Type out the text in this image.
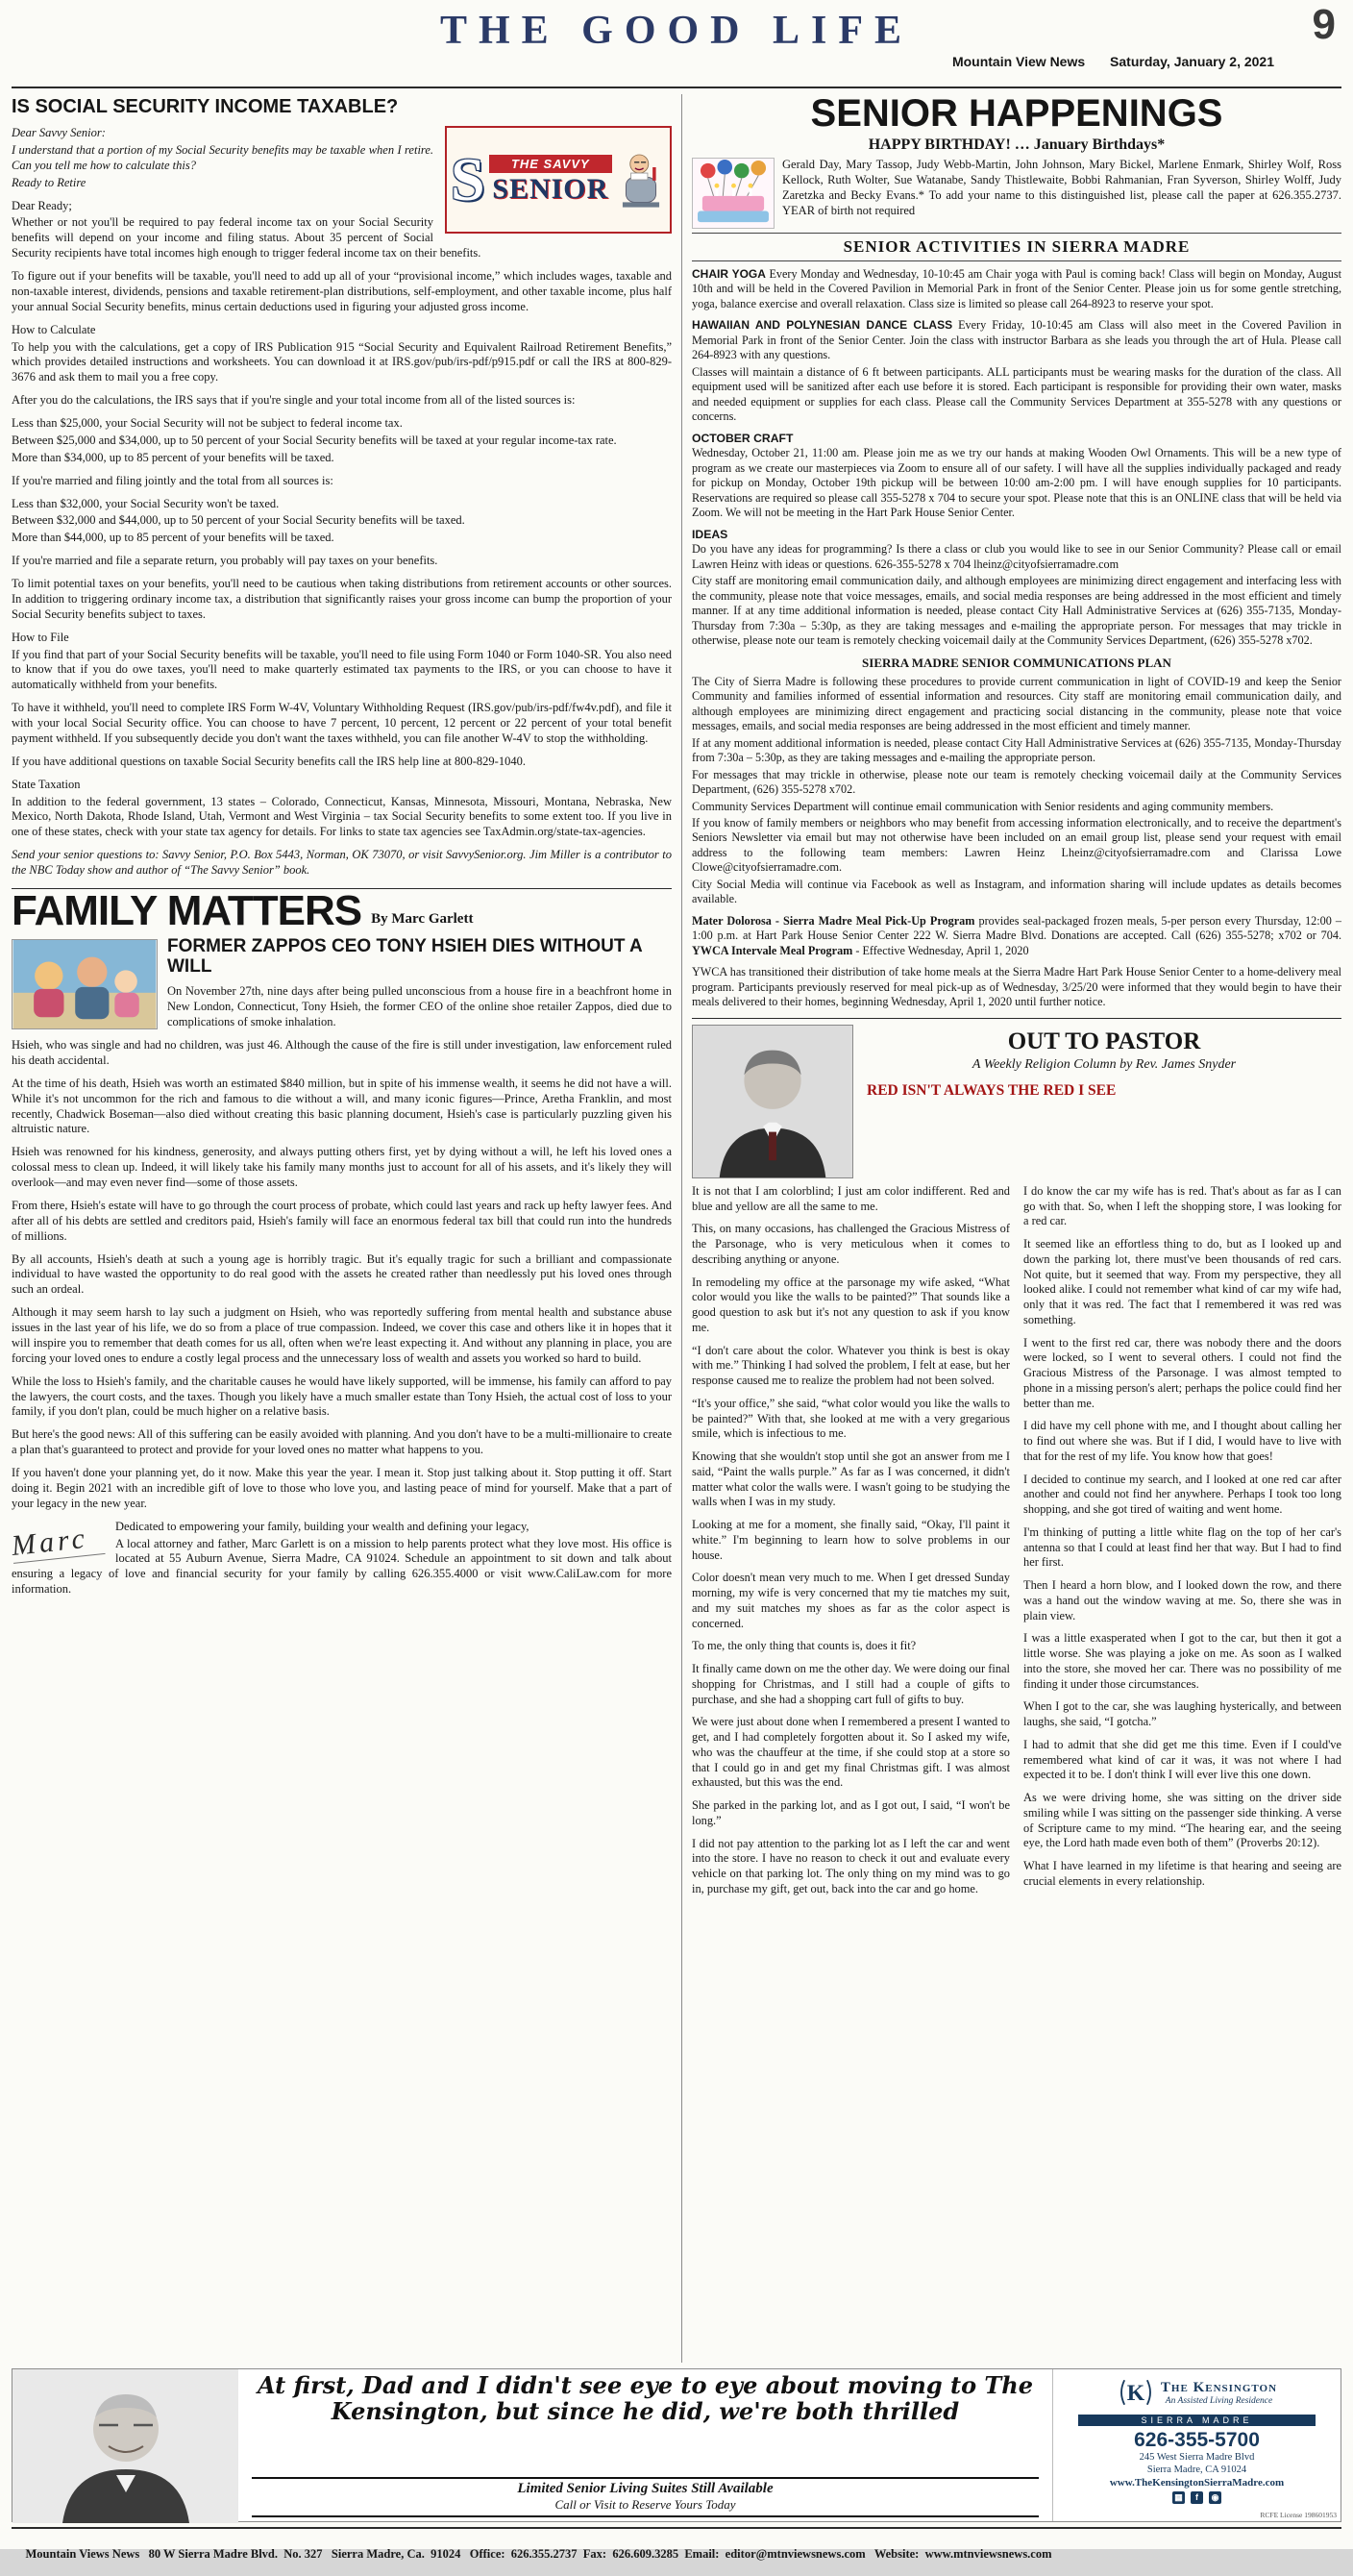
9
THE GOOD LIFE
Mountain View News Saturday, January 2, 2021
IS SOCIAL SECURITY INCOME TAXABLE?
S	THE SAVVY
SENIOR

Dear Savvy Senior:

I understand that a portion of my Social Security benefits may be taxable when I retire. Can you tell me how to calculate this?

Ready to Retire

Dear Ready;

Whether or not you'll be required to pay federal income tax on your Social Security benefits will depend on your income and filing status. About 35 percent of Social Security recipients have total incomes high enough to trigger federal income tax on their benefits.

To figure out if your benefits will be taxable, you'll need to add up all of your “provisional income,” which includes wages, taxable and non-taxable interest, dividends, pensions and taxable retirement-plan distributions, self-employment, and other taxable income, plus half your annual Social Security benefits, minus certain deductions used in figuring your adjusted gross income.

How to Calculate

To help you with the calculations, get a copy of IRS Publication 915 “Social Security and Equivalent Railroad Retirement Benefits,” which provides detailed instructions and worksheets. You can download it at IRS.gov/pub/irs-pdf/p915.pdf or call the IRS at 800-829-3676 and ask them to mail you a free copy.

After you do the calculations, the IRS says that if you're single and your total income from all of the listed sources is:

Less than $25,000, your Social Security will not be subject to federal income tax.

Between $25,000 and $34,000, up to 50 percent of your Social Security benefits will be taxed at your regular income-tax rate.

More than $34,000, up to 85 percent of your benefits will be taxed.

If you're married and filing jointly and the total from all sources is:

Less than $32,000, your Social Security won't be taxed.

Between $32,000 and $44,000, up to 50 percent of your Social Security benefits will be taxed.

More than $44,000, up to 85 percent of your benefits will be taxed.

If you're married and file a separate return, you probably will pay taxes on your benefits.

To limit potential taxes on your benefits, you'll need to be cautious when taking distributions from retirement accounts or other sources. In addition to triggering ordinary income tax, a distribution that significantly raises your gross income can bump the proportion of your Social Security benefits subject to taxes.

How to File

If you find that part of your Social Security benefits will be taxable, you'll need to file using Form 1040 or Form 1040-SR. You also need to know that if you do owe taxes, you'll need to make quarterly estimated tax payments to the IRS, or you can choose to have it automatically withheld from your benefits.

To have it withheld, you'll need to complete IRS Form W-4V, Voluntary Withholding Request (IRS.gov/pub/irs-pdf/fw4v.pdf), and file it with your local Social Security office. You can choose to have 7 percent, 10 percent, 12 percent or 22 percent of your total benefit payment withheld. If you subsequently decide you don't want the taxes withheld, you can file another W-4V to stop the withholding.

If you have additional questions on taxable Social Security benefits call the IRS help line at 800-829-1040.

State Taxation

In addition to the federal government, 13 states – Colorado, Connecticut, Kansas, Minnesota, Missouri, Montana, Nebraska, New Mexico, North Dakota, Rhode Island, Utah, Vermont and West Virginia – tax Social Security benefits to some extent too. If you live in one of these states, check with your state tax agency for details. For links to state tax agencies see TaxAdmin.org/state-tax-agencies.

Send your senior questions to: Savvy Senior, P.O. Box 5443, Norman, OK 73070, or visit SavvySenior.org. Jim Miller is a contributor to the NBC Today show and author of “The Savvy Senior” book.

FAMILY MATTERS By Marc Garlett
FORMER ZAPPOS CEO TONY HSIEH DIES WITHOUT A WILL

On November 27th, nine days after being pulled unconscious from a house fire in a beachfront home in New London, Connecticut, Tony Hsieh, the former CEO of the online shoe retailer Zappos, died due to complications of smoke inhalation.

Hsieh, who was single and had no children, was just 46. Although the cause of the fire is still under investigation, law enforcement ruled his death accidental.

At the time of his death, Hsieh was worth an estimated $840 million, but in spite of his immense wealth, it seems he did not have a will. While it's not uncommon for the rich and famous to die without a will, and many iconic figures—Prince, Aretha Franklin, and most recently, Chadwick Boseman—also died without creating this basic planning document, Hsieh's case is particularly puzzling given his altruistic nature.

Hsieh was renowned for his kindness, generosity, and always putting others first, yet by dying without a will, he left his loved ones a colossal mess to clean up. Indeed, it will likely take his family many months just to account for all of his assets, and it's likely they will overlook—and may even never find—some of those assets.

From there, Hsieh's estate will have to go through the court process of probate, which could last years and rack up hefty lawyer fees. And after all of his debts are settled and creditors paid, Hsieh's family will face an enormous federal tax bill that could run into the hundreds of millions.

By all accounts, Hsieh's death at such a young age is horribly tragic. But it's equally tragic for such a brilliant and compassionate individual to have wasted the opportunity to do real good with the assets he created rather than needlessly put his loved ones through such an ordeal.

Although it may seem harsh to lay such a judgment on Hsieh, who was reportedly suffering from mental health and substance abuse issues in the last year of his life, we do so from a place of true compassion. Indeed, we cover this case and others like it in hopes that it will inspire you to remember that death comes for us all, often when we're least expecting it. And without any planning in place, you are forcing your loved ones to endure a costly legal process and the unnecessary loss of wealth and assets you worked so hard to build.

While the loss to Hsieh's family, and the charitable causes he would have likely supported, will be immense, his family can afford to pay the lawyers, the court costs, and the taxes. Though you likely have a much smaller estate than Tony Hsieh, the actual cost of loss to your family, if you don't plan, could be much higher on a relative basis.

But here's the good news: All of this suffering can be easily avoided with planning. And you don't have to be a multi-millionaire to create a plan that's guaranteed to protect and provide for your loved ones no matter what happens to you.

If you haven't done your planning yet, do it now. Make this year the year. I mean it. Stop just talking about it. Stop putting it off. Start doing it. Begin 2021 with an incredible gift of love to those who love you, and lasting peace of mind for yourself. Make that a part of your legacy in the new year.

Marc	Dedicated to empowering your family, building your wealth and defining your legacy,

A local attorney and father, Marc Garlett is on a mission to help parents protect what they love most. His office is located at 55 Auburn Avenue, Sierra Madre, CA 91024. Schedule an appointment to sit down and talk about ensuring a legacy of love and financial security for your family by calling 626.355.4000 or visit www.CaliLaw.com for more information.

SENIOR HAPPENINGS
HAPPY BIRTHDAY! … January Birthdays*

Gerald Day, Mary Tassop, Judy Webb-Martin, John Johnson, Mary Bickel, Marlene Enmark, Shirley Wolf, Ross Kellock, Ruth Wolter, Sue Watanabe, Sandy Thistlewaite, Bobbi Rahmanian, Fran Syverson, Shirley Wolff, Judy Zaretzka and Becky Evans.* To add your name to this distinguished list, please call the paper at 626.355.2737. YEAR of birth not required

SENIOR ACTIVITIES IN SIERRA MADRE

CHAIR YOGA Every Monday and Wednesday, 10-10:45 am Chair yoga with Paul is coming back! Class will begin on Monday, August 10th and will be held in the Covered Pavilion in Memorial Park in front of the Senior Center. Please join us for some gentle stretching, yoga, balance exercise and overall relaxation. Class size is limited so please call 264-8923 to reserve your spot.

HAWAIIAN AND POLYNESIAN DANCE CLASS Every Friday, 10-10:45 am Class will also meet in the Covered Pavilion in Memorial Park in front of the Senior Center. Join the class with instructor Barbara as she leads you through the art of Hula. Please call 264-8923 with any questions.

Classes will maintain a distance of 6 ft between participants. ALL participants must be wearing masks for the duration of the class. All equipment used will be sanitized after each use before it is stored. Each participant is responsible for providing their own water, masks and needed equipment or supplies for each class. Please call the Community Services Department at 355-5278 with any questions or concerns.

OCTOBER CRAFT

Wednesday, October 21, 11:00 am. Please join me as we try our hands at making Wooden Owl Ornaments. This will be a new type of program as we create our masterpieces via Zoom to ensure all of our safety. I will have all the supplies individually packaged and ready for pickup on Monday, October 19th pickup will be between 10:00 am-2:00 pm. I will have enough supplies for 10 participants. Reservations are required so please call 355-5278 x 704 to secure your spot. Please note that this is an ONLINE class that will be held via Zoom. We will not be meeting in the Hart Park House Senior Center.

IDEAS

Do you have any ideas for programming? Is there a class or club you would like to see in our Senior Community? Please call or email Lawren Heinz with ideas or questions. 626-355-5278 x 704 lheinz@cityofsierramadre.com

City staff are monitoring email communication daily, and although employees are minimizing direct engagement and interfacing less with the community, please note that voice messages, emails, and social media responses are being addressed in the most efficient and timely manner. If at any time additional information is needed, please contact City Hall Administrative Services at (626) 355-7135, Monday-Thursday from 7:30a – 5:30p, as they are taking messages and e-mailing the appropriate person. For messages that may trickle in otherwise, please note our team is remotely checking voicemail daily at the Community Services Department, (626) 355-5278 x702.

SIERRA MADRE SENIOR COMMUNICATIONS PLAN

The City of Sierra Madre is following these procedures to provide current communication in light of COVID-19 and keep the Senior Community and families informed of essential information and resources. City staff are monitoring email communication daily, and although employees are minimizing direct engagement and practicing social distancing in the community, please note that voice messages, emails, and social media responses are being addressed in the most efficient and timely manner.

If at any moment additional information is needed, please contact City Hall Administrative Services at (626) 355-7135, Monday-Thursday from 7:30a – 5:30p, as they are taking messages and e-mailing the appropriate person.

For messages that may trickle in otherwise, please note our team is remotely checking voicemail daily at the Community Services Department, (626) 355-5278 x702.

Community Services Department will continue email communication with Senior residents and aging community members.

If you know of family members or neighbors who may benefit from accessing information electronically, and to receive the department's Seniors Newsletter via email but may not otherwise have been included on an email group list, please send your request with email address to the following team members: Lawren Heinz Lheinz@cityofsierramadre.com and Clarissa Lowe Clowe@cityofsierramadre.com.

City Social Media will continue via Facebook as well as Instagram, and information sharing will include updates as details becomes available.

Mater Dolorosa - Sierra Madre Meal Pick-Up Program provides seal-packaged frozen meals, 5-per person every Thursday, 12:00 – 1:00 p.m. at Hart Park House Senior Center 222 W. Sierra Madre Blvd. Donations are accepted. Call (626) 355-5278; x702 or 704. YWCA Intervale Meal Program - Effective Wednesday, April 1, 2020

YWCA has transitioned their distribution of take home meals at the Sierra Madre Hart Park House Senior Center to a home-delivery meal program. Participants previously reserved for meal pick-up as of Wednesday, 3/25/20 were informed that they would begin to have their meals delivered to their homes, beginning Wednesday, April 1, 2020 until further notice.

OUT TO PASTOR
A Weekly Religion Column by Rev. James Snyder
RED ISN'T ALWAYS THE RED I SEE

It is not that I am colorblind; I just am color indifferent. Red and blue and yellow are all the same to me.

This, on many occasions, has challenged the Gracious Mistress of the Parsonage, who is very meticulous when it comes to describing anything or anyone.

In remodeling my office at the parsonage my wife asked, “What color would you like the walls to be painted?” That sounds like a good question to ask but it's not any question to ask if you know me.

“I don't care about the color. Whatever you think is best is okay with me.” Thinking I had solved the problem, I felt at ease, but her response caused me to realize the problem had not been solved.

“It's your office,” she said, “what color would you like the walls to be painted?” With that, she looked at me with a very gregarious smile, which is infectious to me.

Knowing that she wouldn't stop until she got an answer from me I said, “Paint the walls purple.” As far as I was concerned, it didn't matter what color the walls were. I wasn't going to be studying the walls when I was in my study.

Looking at me for a moment, she finally said, “Okay, I'll paint it white.” I'm beginning to learn how to solve problems in our house.

Color doesn't mean very much to me. When I get dressed Sunday morning, my wife is very concerned that my tie matches my suit, and my suit matches my shoes as far as the color aspect is concerned.

To me, the only thing that counts is, does it fit?

It finally came down on me the other day. We were doing our final shopping for Christmas, and I still had a couple of gifts to purchase, and she had a shopping cart full of gifts to buy.

We were just about done when I remembered a present I wanted to get, and I had completely forgotten about it. So I asked my wife, who was the chauffeur at the time, if she could stop at a store so that I could go in and get my final Christmas gift. I was almost exhausted, but this was the end.

She parked in the parking lot, and as I got out, I said, “I won't be long.”

I did not pay attention to the parking lot as I left the car and went into the store. I have no reason to check it out and evaluate every vehicle on that parking lot. The only thing on my mind was to go in, purchase my gift, get out, back into the car and go home.

I do know the car my wife has is red. That's about as far as I can go with that. So, when I left the shopping store, I was looking for a red car.

It seemed like an effortless thing to do, but as I looked up and down the parking lot, there must've been thousands of red cars. Not quite, but it seemed that way. From my perspective, they all looked alike. I could not remember what kind of car my wife had, only that it was red. The fact that I remembered it was red was something.

I went to the first red car, there was nobody there and the doors were locked, so I went to several others. I could not find the Gracious Mistress of the Parsonage. I was almost tempted to phone in a missing person's alert; perhaps the police could find her better than me.

I did have my cell phone with me, and I thought about calling her to find out where she was. But if I did, I would have to live with that for the rest of my life. You know how that goes!

I decided to continue my search, and I looked at one red car after another and could not find her anywhere. Perhaps I took too long shopping, and she got tired of waiting and went home.

I'm thinking of putting a little white flag on the top of her car's antenna so that I could at least find her that way. But I had to find her first.

Then I heard a horn blow, and I looked down the row, and there was a hand out the window waving at me. So, there she was in plain view.

I was a little exasperated when I got to the car, but then it got a little worse. She was playing a joke on me. As soon as I walked into the store, she moved her car. There was no possibility of me finding it under those circumstances.

When I got to the car, she was laughing hysterically, and between laughs, she said, “I gotcha.”

I had to admit that she did get me this time. Even if I could've remembered what kind of car it was, it was not where I had expected it to be. I don't think I will ever live this one down.

As we were driving home, she was sitting on the driver side smiling while I was sitting on the passenger side thinking. A verse of Scripture came to my mind. “The hearing ear, and the seeing eye, the Lord hath made even both of them” (Proverbs 20:12).

What I have learned in my lifetime is that hearing and seeing are crucial elements in every relationship.

At first, Dad and I didn't see eye to eye about moving to The Kensington, but since he did, we're both thrilled
Limited Senior Living Suites Still Available
Call or Visit to Reserve Yours Today
K The Kensington
An Assisted Living Residence
SIERRA MADRE
626-355-5700
245 West Sierra Madre Blvd
Sierra Madre, CA 91024
www.TheKensingtonSierraMadre.com
▦	f	◉
RCFE License 198601953

Mountain Views News   80 W Sierra Madre Blvd.  No. 327   Sierra Madre, Ca.  91024   Office:  626.355.2737  Fax:  626.609.3285  Email:  editor@mtnviewsnews.com   Website:  www.mtnviewsnews.com
